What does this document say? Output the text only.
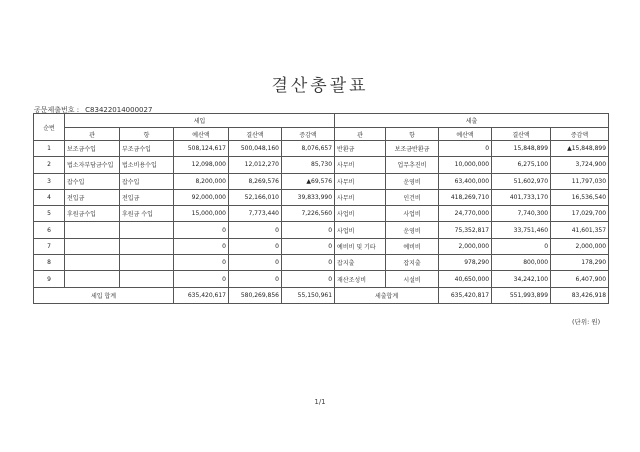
결산총괄표
공문제출번호 : C83422014000027
순번	세입					세출				
	관	항	예산액	결산액	증감액	관	항	예산액	결산액	증감액
1	보조금수입	부조금수입	508,124,617	500,048,160	8,076,657	반환금	보조금반환금	0	15,848,899	▲15,848,899
2	법소자부담금수입	법소비용수입	12,098,000	12,012,270	85,730	사무비	업무추진비	10,000,000	6,275,100	3,724,900
3	잡수입	잡수입	8,200,000	8,269,576	▲69,576	사무비	운영비	63,400,000	51,602,970	11,797,030
4	전입금	전입금	92,000,000	52,166,010	39,833,990	사무비	인건비	418,269,710	401,733,170	16,536,540
5	후원금수입	후원금 수입	15,000,000	7,773,440	7,226,560	사업비	사업비	24,770,000	7,740,300	17,029,700
6			0	0	0	사업비	운영비	75,352,817	33,751,460	41,601,357
7			0	0	0	예비비 및 기타	예비비	2,000,000	0	2,000,000
8			0	0	0	잡지출	잡지출	978,290	800,000	178,290
9			0	0	0	재산조성비	시설비	40,650,000	34,242,100	6,407,900
세입 합계			635,420,617	580,269,856	55,150,961	세출합계		635,420,817	551,993,899	83,426,918
(단위: 원)
1/1
